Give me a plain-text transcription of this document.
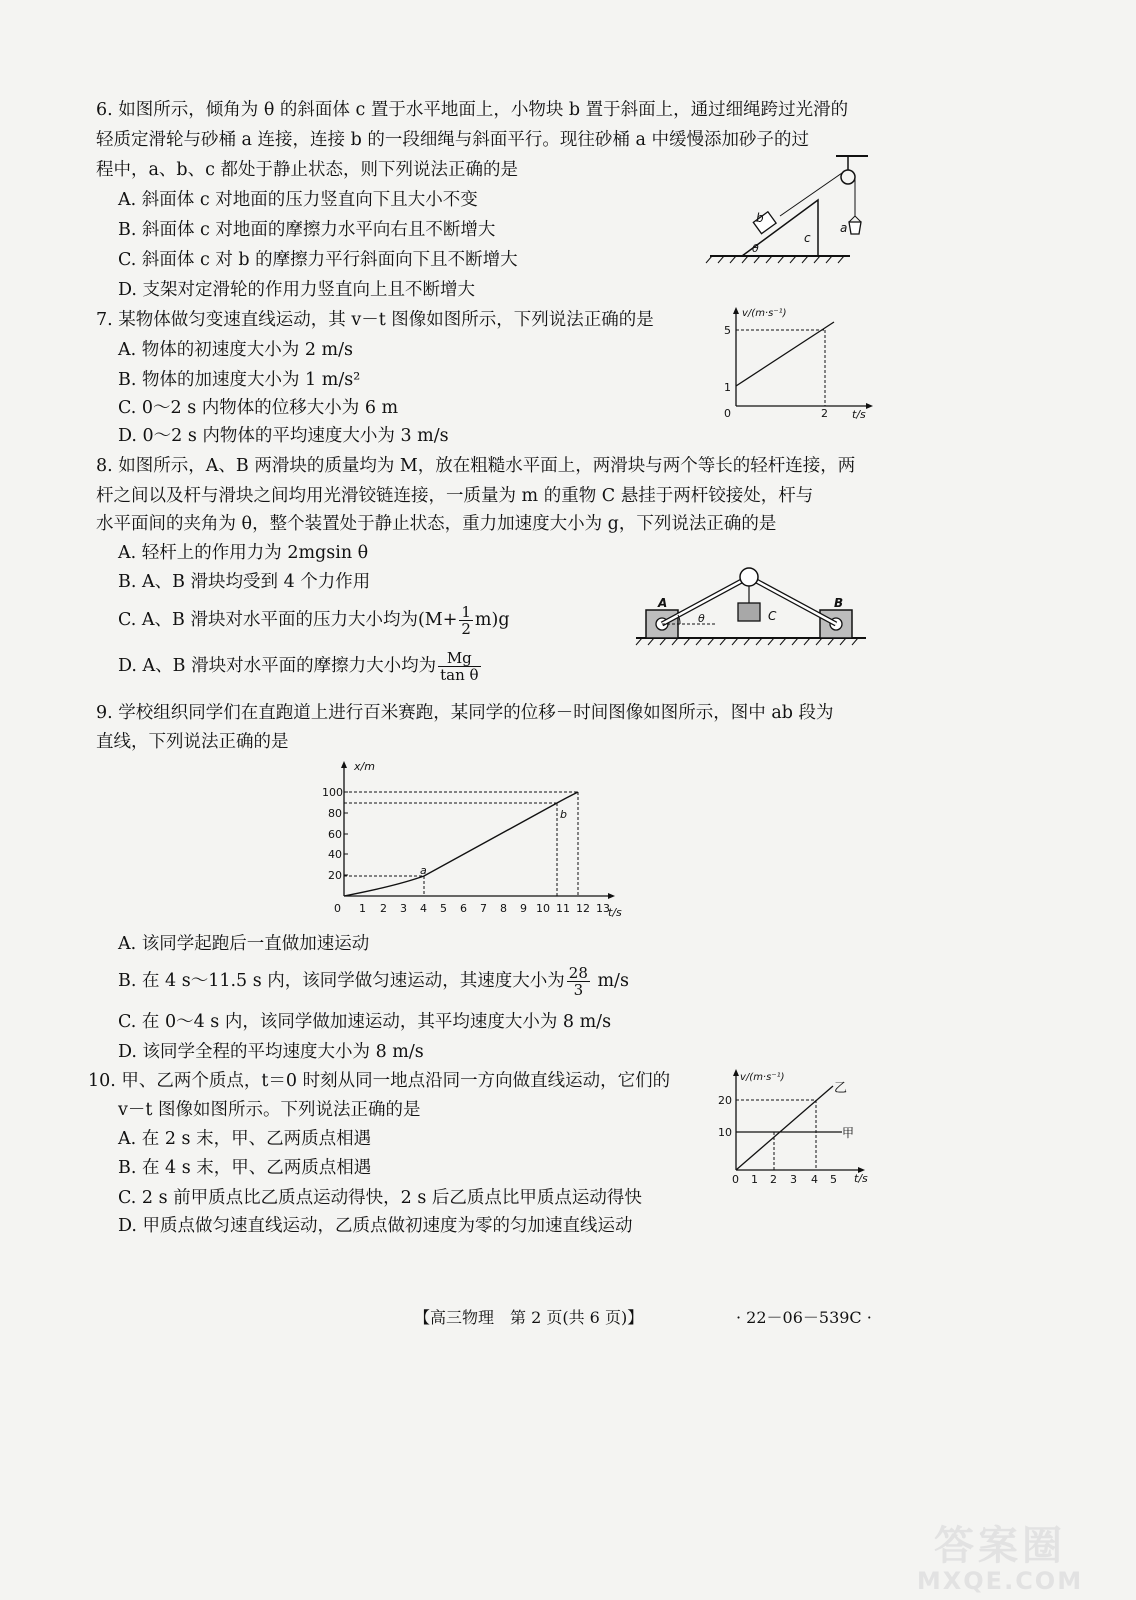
6. 如图所示，倾角为 θ 的斜面体 c 置于水平地面上，小物块 b 置于斜面上，通过细绳跨过光滑的
轻质定滑轮与砂桶 a 连接，连接 b 的一段细绳与斜面平行。现往砂桶 a 中缓慢添加砂子的过
程中，a、b、c 都处于静止状态，则下列说法正确的是
A. 斜面体 c 对地面的压力竖直向下且大小不变
B. 斜面体 c 对地面的摩擦力水平向右且不断增大
C. 斜面体 c 对 b 的摩擦力平行斜面向下且不断增大
D. 支架对定滑轮的作用力竖直向上且不断增大
b
c
θ
a
7. 某物体做匀变速直线运动，其 v－t 图像如图所示，下列说法正确的是
A. 物体的初速度大小为 2 m/s
B. 物体的加速度大小为 1 m/s²
C. 0～2 s 内物体的位移大小为 6 m
D. 0～2 s 内物体的平均速度大小为 3 m/s
v/(m·s⁻¹)
t/s
5
1
0	2
8. 如图所示，A、B 两滑块的质量均为 M，放在粗糙水平面上，两滑块与两个等长的轻杆连接，两
杆之间以及杆与滑块之间均用光滑铰链连接，一质量为 m 的重物 C 悬挂于两杆铰接处，杆与
水平面间的夹角为 θ，整个装置处于静止状态，重力加速度大小为 g，下列说法正确的是
A. 轻杆上的作用力为 2mgsin θ
B. A、B 滑块均受到 4 个力作用
C. A、B 滑块对水平面的压力大小均为$(M+ \frac{1}{2} m)g$
D. A、B 滑块对水平面的摩擦力大小均为 $\frac{Mg}{\text{tan θ}}$
A	B
C
θ
9. 学校组织同学们在直跑道上进行百米赛跑，某同学的位移－时间图像如图所示，图中 ab 段为
直线，下列说法正确的是
100
80
60
40
20
0 1 2 3 4 5 6 7 8 9 10 11 12 13
a
b
x/m
t/s
A. 该同学起跑后一直做加速运动
B. 在 4 s～11.5 s 内，该同学做匀速运动，其速度大小为 $\frac{28}{3} m/s$
C. 在 0～4 s 内，该同学做加速运动，其平均速度大小为 8 m/s
D. 该同学全程的平均速度大小为 8 m/s
10. 甲、乙两个质点，t＝0 时刻从同一地点沿同一方向做直线运动，它们的
v－t 图像如图所示。下列说法正确的是
A. 在 2 s 末，甲、乙两质点相遇
B. 在 4 s 末，甲、乙两质点相遇
C. 2 s 前甲质点比乙质点运动得快，2 s 后乙质点比甲质点运动得快
D. 甲质点做匀速直线运动，乙质点做初速度为零的匀加速直线运动
v/(m·s⁻¹)
t/s
20
10
0 1 2 3 4 5
乙
甲
【高三物理　第 2 页(共 6 页)】	· 22－06－539C ·
答案圈
MXQE.COM
